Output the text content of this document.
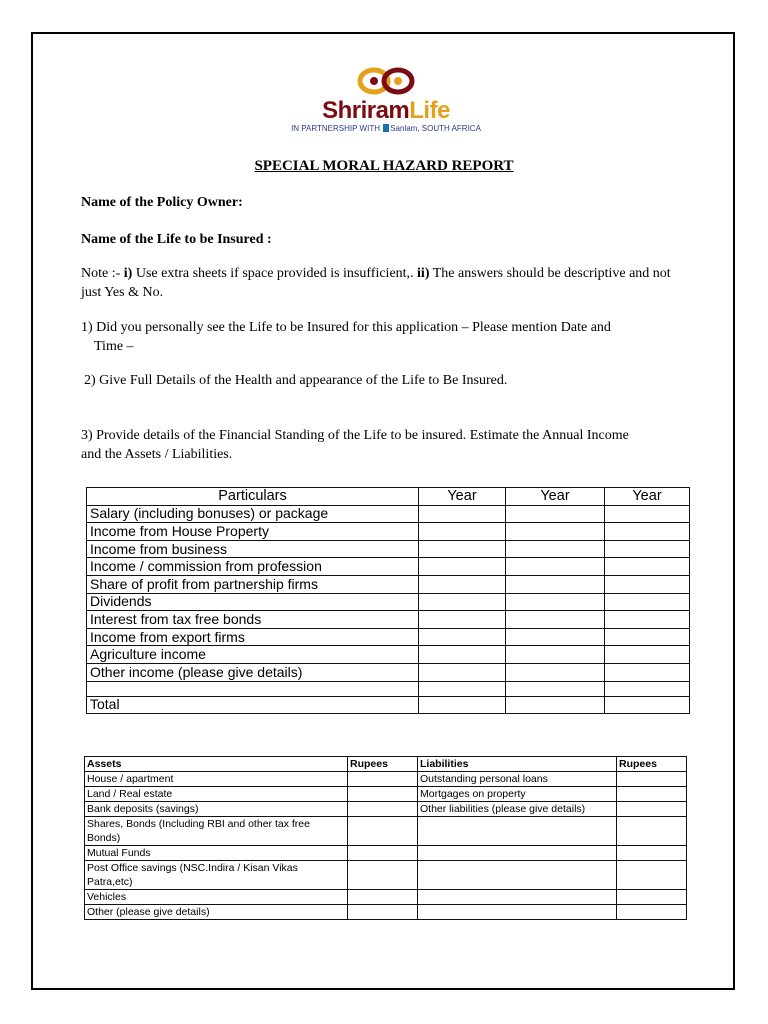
ShriramLife
IN PARTNERSHIP WITH Sanlam, SOUTH AFRICA
SPECIAL MORAL HAZARD REPORT
Name of the Policy Owner:
Name of the Life to be Insured :
Note :- i) Use extra sheets if space provided is insufficient,. ii) The answers should be descriptive and not just Yes & No.
1) Did you personally see the Life to be Insured for this application – Please mention Date and
Time –
2) Give Full Details of the Health and appearance of the Life to Be Insured.
3) Provide details of the Financial Standing of the Life to be insured. Estimate the Annual Income
and the Assets / Liabilities.
Particulars	Year	Year	Year
Salary (including bonuses) or package			
Income from House Property			
Income from business			
Income / commission from profession			
Share of profit from partnership firms			
Dividends			
Interest from tax free bonds			
Income from export firms			
Agriculture income			
Other income (please give details)			

Total			
Assets	Rupees	Liabilities	Rupees
House / apartment		Outstanding personal loans	
Land / Real estate		Mortgages on property	
Bank deposits (savings)		Other liabilities (please give details)	
Shares, Bonds (Including RBI and other tax free Bonds)			
Mutual Funds			
Post Office savings (NSC.Indira / Kisan Vikas Patra,etc)			
Vehicles			
Other (please give details)			
